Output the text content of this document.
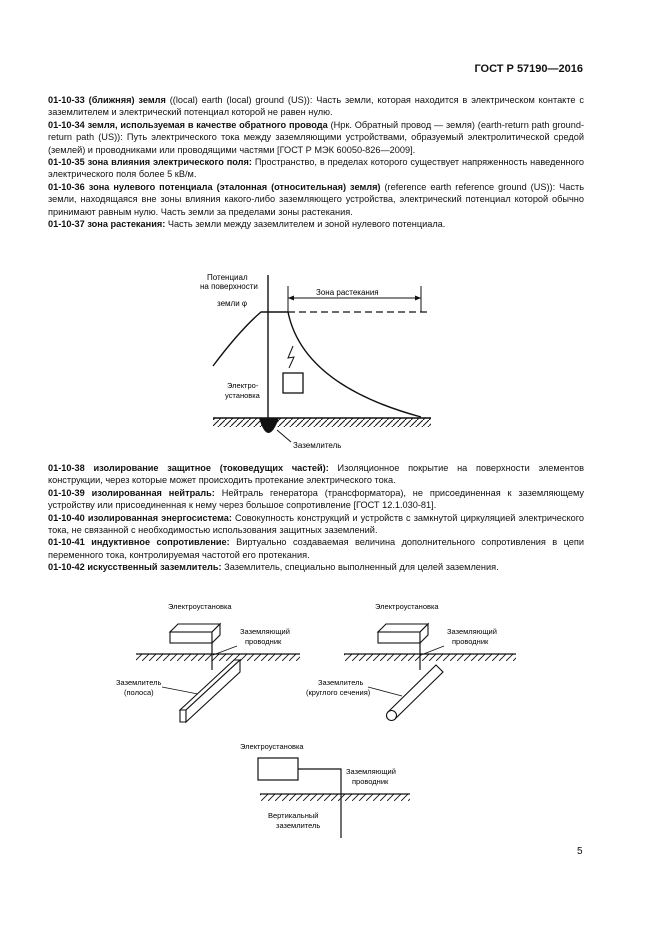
ГОСТ Р 57190—2016

01-10-33 (ближняя) земля ((local) earth (local) ground (US)): Часть земли, которая находится в электрическом контакте с заземлителем и электрический потенциал которой не равен нулю.

01-10-34 земля, используемая в качестве обратного провода (Нрк. Обратный провод — земля) (earth-return path ground-return path (US)): Путь электрического тока между заземляющими устройствами, образуемый электролитической средой (землей) и проводниками или проводящими частями [ГОСТ Р МЭК 60050-826—2009].

01-10-35 зона влияния электрического поля: Пространство, в пределах которого существует напряженность наведенного электрического поля более 5 кВ/м.

01-10-36 зона нулевого потенциала (эталонная (относительная) земля) (reference earth reference ground (US)): Часть земли, находящаяся вне зоны влияния какого-либо заземляющего устройства, электрический потенциал которой обычно принимают равным нулю. Часть земли за пределами зоны растекания.

01-10-37 зона растекания: Часть земли между заземлителем и зоной нулевого потенциала.

Потенциал
на поверхности
земли φ
Зона растекания
Электро-
установка
Заземлитель

01-10-38 изолирование защитное (токоведущих частей): Изоляционное покрытие на поверхности элементов конструкции, через которые может происходить протекание электрического тока.

01-10-39 изолированная нейтраль: Нейтраль генератора (трансформатора), не присоединенная к заземляющему устройству или присоединенная к нему через большое сопротивление [ГОСТ 12.1.030-81].

01-10-40 изолированная энергосистема: Совокупность конструкций и устройств с замкнутой циркуляцией электрического тока, не связанной с необходимостью использования защитных заземлений.

01-10-41 индуктивное сопротивление: Виртуально создаваемая величина дополнительного сопротивления в цепи переменного тока, контролируемая частотой его протекания.

01-10-42 искусственный заземлитель: Заземлитель, специально выполненный для целей заземления.

Электроустановка
Заземляющий
проводник
Заземлитель
(полоса)
Электроустановка
Заземляющий
проводник
Заземлитель
(круглого сечения)
Электроустановка
Заземляющий
проводник
Вертикальный
заземлитель
5
